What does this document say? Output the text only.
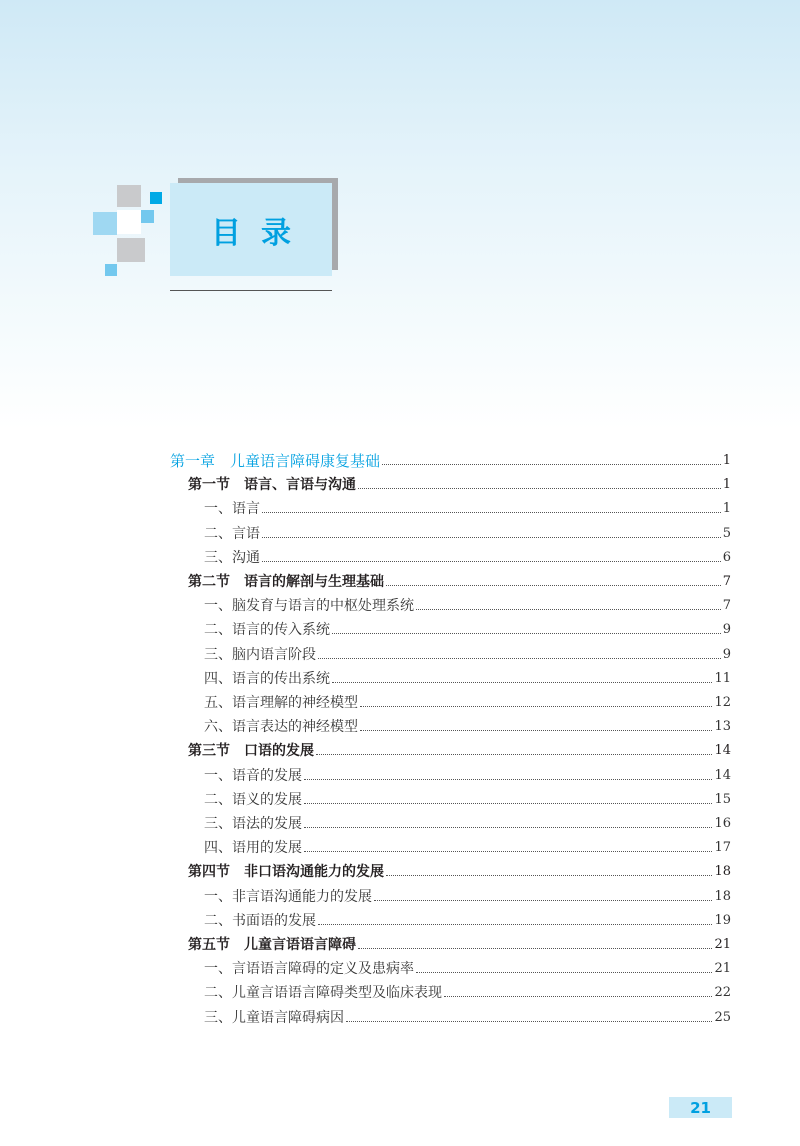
目录
第一章　儿童语言障碍康复基础	1
第一节　语言、言语与沟通	1
一、语言	1
二、言语	5
三、沟通	6
第二节　语言的解剖与生理基础	7
一、脑发育与语言的中枢处理系统	7
二、语言的传入系统	9
三、脑内语言阶段	9
四、语言的传出系统	11
五、语言理解的神经模型	12
六、语言表达的神经模型	13
第三节　口语的发展	14
一、语音的发展	14
二、语义的发展	15
三、语法的发展	16
四、语用的发展	17
第四节　非口语沟通能力的发展	18
一、非言语沟通能力的发展	18
二、书面语的发展	19
第五节　儿童言语语言障碍	21
一、言语语言障碍的定义及患病率	21
二、儿童言语语言障碍类型及临床表现	22
三、儿童语言障碍病因	25
21
